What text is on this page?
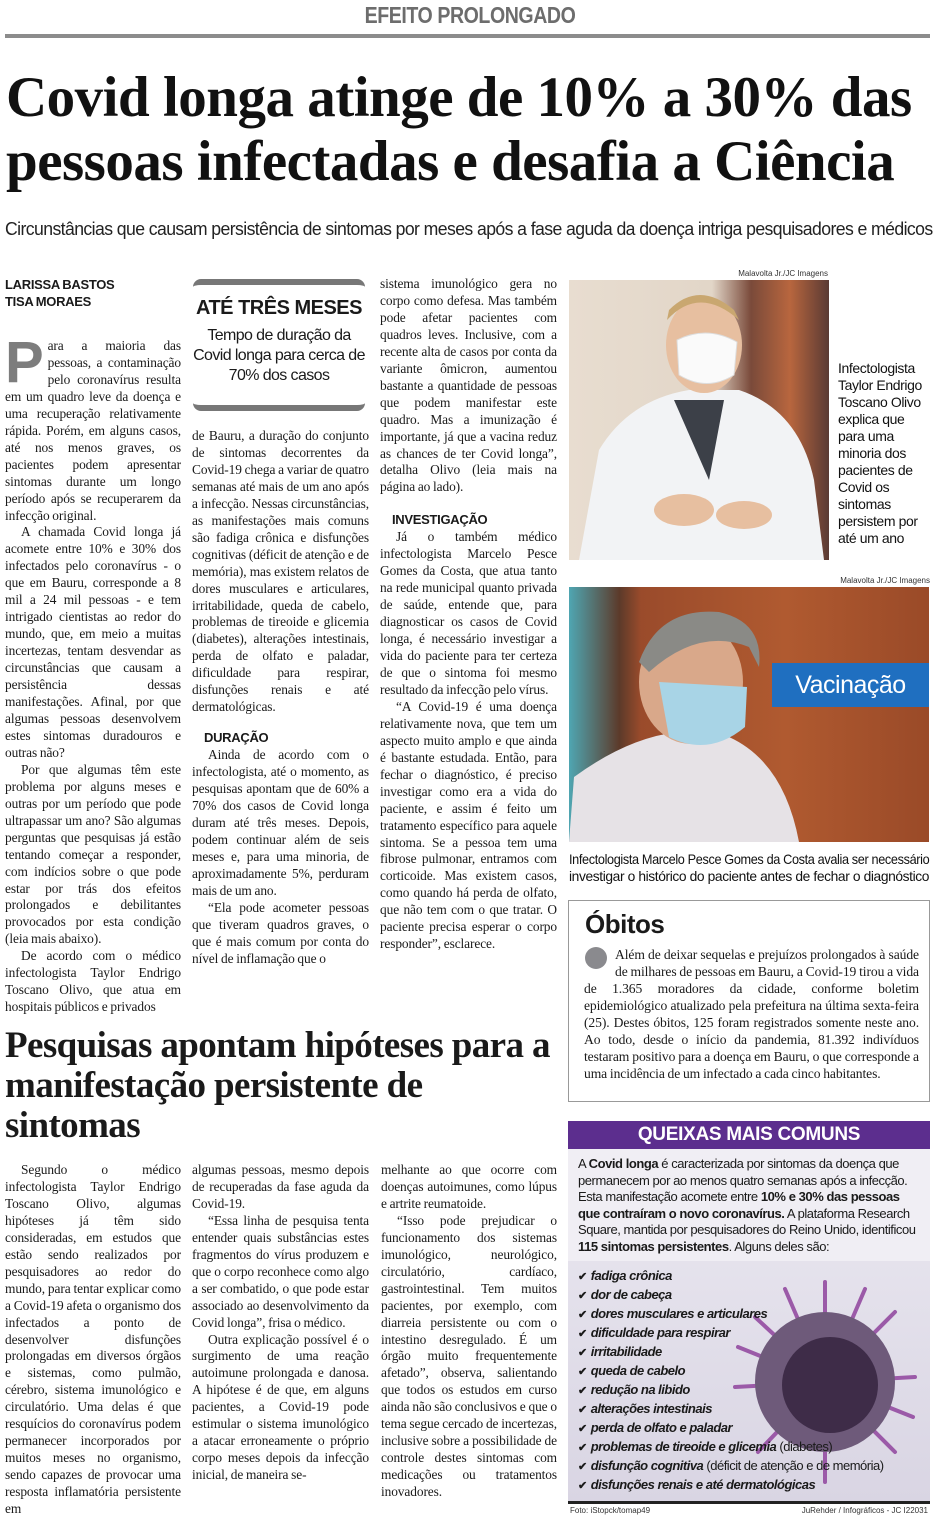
EFEITO PROLONGADO
Covid longa atinge de 10% a 30% das pessoas infectadas e desafia a Ciência
Circunstâncias que causam persistência de sintomas por meses após a fase aguda da doença intriga pesquisadores e médicos
LARISSA BASTOS
TISA MORAES

Para a maioria das pessoas, a contaminação pelo coronavírus resulta em um quadro leve da doença e uma recuperação relativamente rápida. Porém, em alguns casos, até nos menos graves, os pacientes podem apresentar sintomas durante um longo período após se recuperarem da infecção original.

A chamada Covid longa já acomete entre 10% e 30% dos infectados pelo coronavírus - o que em Bauru, corresponde a 8 mil a 24 mil pessoas - e tem intrigado cientistas ao redor do mundo, que, em meio a muitas incertezas, tentam desvendar as circunstâncias que causam a persistência dessas manifestações. Afinal, por que algumas pessoas desenvolvem estes sintomas duradouros e outras não?

Por que algumas têm este problema por alguns meses e outras por um período que pode ultrapassar um ano? São algumas perguntas que pesquisas já estão tentando começar a responder, com indícios sobre o que pode estar por trás dos efeitos prolongados e debilitantes provocados por esta condição (leia mais abaixo).

De acordo com o médico infectologista Taylor Endrigo Toscano Olivo, que atua em hospitais públicos e privados

ATÉ TRÊS MESES
Tempo de duração da Covid longa para cerca de 70% dos casos

de Bauru, a duração do conjunto de sintomas decorrentes da Covid-19 chega a variar de quatro semanas até mais de um ano após a infecção. Nessas circunstâncias, as manifestações mais comuns são fadiga crônica e disfunções cognitivas (déficit de atenção e de memória), mas existem relatos de dores musculares e articulares, irritabilidade, queda de cabelo, problemas de tireoide e glicemia (diabetes), alterações intestinais, perda de olfato e paladar, dificuldade para respirar, disfunções renais e até dermatológicas.

DURAÇÃO

Ainda de acordo com o infectologista, até o momento, as pesquisas apontam que de 60% a 70% dos casos de Covid longa duram até três meses. Depois, podem continuar além de seis meses e, para uma minoria, de aproximadamente 5%, perduram mais de um ano.

“Ela pode acometer pessoas que tiveram quadros graves, o que é mais comum por conta do nível de inflamação que o

sistema imunológico gera no corpo como defesa. Mas também pode afetar pacientes com quadros leves. Inclusive, com a recente alta de casos por conta da variante ômicron, aumentou bastante a quantidade de pessoas que podem manifestar este quadro. Mas a imunização é importante, já que a vacina reduz as chances de ter Covid longa”, detalha Olivo (leia mais na página ao lado).

INVESTIGAÇÃO

Já o também médico infectologista Marcelo Pesce Gomes da Costa, que atua tanto na rede municipal quanto privada de saúde, entende que, para diagnosticar os casos de Covid longa, é necessário investigar a vida do paciente para ter certeza de que o sintoma foi mesmo resultado da infecção pelo vírus.

“A Covid-19 é uma doença relativamente nova, que tem um aspecto muito amplo e que ainda é bastante estudada. Então, para fechar o diagnóstico, é preciso investigar como era a vida do paciente, e assim é feito um tratamento específico para aquele sintoma. Se a pessoa tem uma fibrose pulmonar, entramos com corticoide. Mas existem casos, como quando há perda de olfato, que não tem com o que tratar. O paciente precisa esperar o corpo responder”, esclarece.

Malavolta Jr./JC Imagens
Infectologista Taylor Endrigo Toscano Olivo explica que para uma minoria dos pacientes de Covid os sintomas persistem por até um ano
Malavolta Jr./JC Imagens
Vacinação
Infectologista Marcelo Pesce Gomes da Costa avalia ser necessário
investigar o histórico do paciente antes de fechar o diagnóstico

Óbitos
Além de deixar sequelas e prejuízos prolongados à saúde de milhares de pessoas em Bauru, a Covid-19 tirou a vida de 1.365 moradores da cidade, conforme boletim epidemiológico atualizado pela prefeitura na última sexta-feira (25). Destes óbitos, 125 foram registrados somente neste ano. Ao todo, desde o início da pandemia, 81.392 indivíduos testaram positivo para a doença em Bauru, o que corresponde a uma incidência de um infectado a cada cinco habitantes.
Pesquisas apontam hipóteses para a manifestação persistente de sintomas

Segundo o médico infectologista Taylor Endrigo Toscano Olivo, algumas hipóteses já têm sido consideradas, em estudos que estão sendo realizados por pesquisadores ao redor do mundo, para tentar explicar como a Covid-19 afeta o organismo dos infectados a ponto de desenvolver disfunções prolongadas em diversos órgãos e sistemas, como pulmão, cérebro, sistema imunológico e circulatório. Uma delas é que resquícios do coronavírus podem permanecer incorporados por muitos meses no organismo, sendo capazes de provocar uma resposta inflamatória persistente em

algumas pessoas, mesmo depois de recuperadas da fase aguda da Covid-19.

“Essa linha de pesquisa tenta entender quais substâncias estes fragmentos do vírus produzem e que o corpo reconhece como algo a ser combatido, o que pode estar associado ao desenvolvimento da Covid longa”, frisa o médico.

Outra explicação possível é o surgimento de uma reação autoimune prolongada e danosa. A hipótese é de que, em alguns pacientes, a Covid-19 pode estimular o sistema imunológico a atacar erroneamente o próprio corpo meses depois da infecção inicial, de maneira se-

melhante ao que ocorre com doenças autoimunes, como lúpus e artrite reumatoide.

“Isso pode prejudicar o funcionamento dos sistemas imunológico, neurológico, circulatório, cardíaco, gastrointestinal. Tem muitos pacientes, por exemplo, com diarreia persistente ou com o intestino desregulado. É um órgão muito frequentemente afetado”, observa, salientando que todos os estudos em curso ainda não são conclusivos e que o tema segue cercado de incertezas, inclusive sobre a possibilidade de controle destes sintomas com medicações ou tratamentos inovadores.

QUEIXAS MAIS COMUNS
A Covid longa é caracterizada por sintomas da doença que permanecem por ao menos quatro semanas após a infecção. Esta manifestação acomete entre 10% e 30% das pessoas que contraíram o novo coronavírus. A plataforma Research Square, mantida por pesquisadores do Reino Unido, identificou 115 sintomas persistentes. Alguns deles são:
✔ fadiga crônica
✔ dor de cabeça
✔ dores musculares e articulares
✔ dificuldade para respirar
✔ irritabilidade
✔ queda de cabelo
✔ redução na libido
✔ alterações intestinais
✔ perda de olfato e paladar
✔ problemas de tireoide e glicemia (diabetes)
✔ disfunção cognitiva (déficit de atenção e de memória)
✔ disfunções renais e até dermatológicas
Foto: iStopck/tomap49	JuRehder / Infográficos - JC I22031
